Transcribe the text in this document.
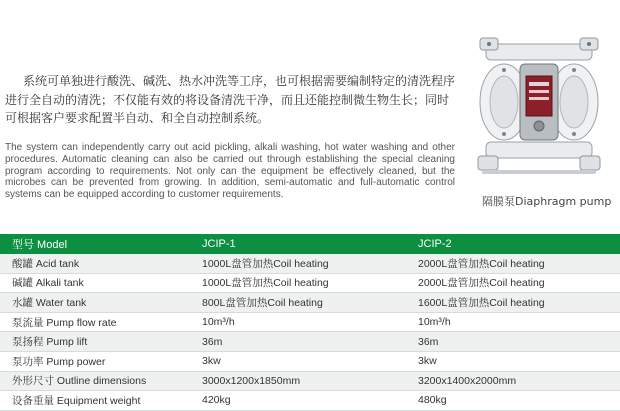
系统可单独进行酸洗、碱洗、热水冲洗等工序，也可根据需要编制特定的清洗程序进行全自动的清洗；不仅能有效的将设备清洗干净，而且还能控制微生物生长；同时可根据客户要求配置半自动、和全自动控制系统。

The system can independently carry out acid pickling, alkali washing, hot water washing and other procedures. Automatic cleaning can also be carried out through establishing the special cleaning program according to requirements. Not only can the equipment be effectively cleaned, but the microbes can be prevented from growing. In addition, semi-automatic and full-automatic control systems can be equipped according to customer requirements.

隔膜泵Diaphragm pump
型号 Model	JCIP-1	JCIP-2
酸罐 Acid tank	1000L盘管加热Coil heating	2000L盘管加热Coil heating
碱罐 Alkali tank	1000L盘管加热Coil heating	2000L盘管加热Coil heating
水罐 Water tank	800L盘管加热Coil heating	1600L盘管加热Coil heating
泵流量 Pump flow rate	10m³/h	10m³/h
泵扬程 Pump lift	36m	36m
泵功率 Pump power	3kw	3kw
外形尺寸 Outline dimensions	3000x1200x1850mm	3200x1400x2000mm
设备重量 Equipment weight	420kg	480kg
